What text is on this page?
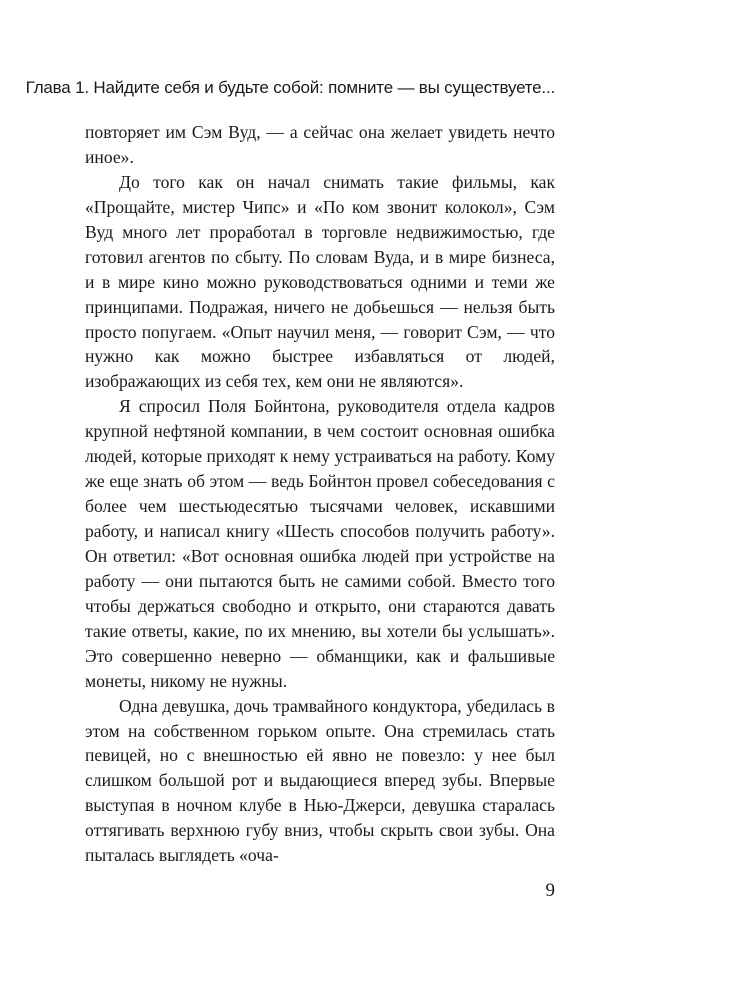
Глава 1. Найдите себя и будьте собой: помните — вы существуете...

повторяет им Сэм Вуд, — а сейчас она желает увидеть нечто иное».

До того как он начал снимать такие фильмы, как «Прощайте, мистер Чипс» и «По ком звонит колокол», Сэм Вуд много лет проработал в торговле недвижимостью, где готовил агентов по сбыту. По словам Вуда, и в мире бизнеса, и в мире кино можно руководствоваться одними и теми же принципами. Подражая, ничего не добьешься — нельзя быть просто попугаем. «Опыт научил меня, — говорит Сэм, — что нужно как можно быстрее избавляться от людей, изображающих из себя тех, кем они не являются».

Я спросил Поля Бойнтона, руководителя отдела кадров крупной нефтяной компании, в чем состоит основная ошибка людей, которые приходят к нему устраиваться на работу. Кому же еще знать об этом — ведь Бойнтон провел собеседования с более чем шестьюдесятью тысячами человек, искавшими работу, и написал книгу «Шесть способов получить работу». Он ответил: «Вот основная ошибка людей при устройстве на работу — они пытаются быть не самими собой. Вместо того чтобы держаться свободно и открыто, они стараются давать такие ответы, какие, по их мнению, вы хотели бы услышать». Это совершенно неверно — обманщики, как и фальшивые монеты, никому не нужны.

Одна девушка, дочь трамвайного кондуктора, убедилась в этом на собственном горьком опыте. Она стремилась стать певицей, но с внешностью ей явно не повезло: у нее был слишком большой рот и выдающиеся вперед зубы. Впервые выступая в ночном клубе в Нью-Джерси, девушка старалась оттягивать верхнюю губу вниз, чтобы скрыть свои зубы. Она пыталась выглядеть «оча-

9
